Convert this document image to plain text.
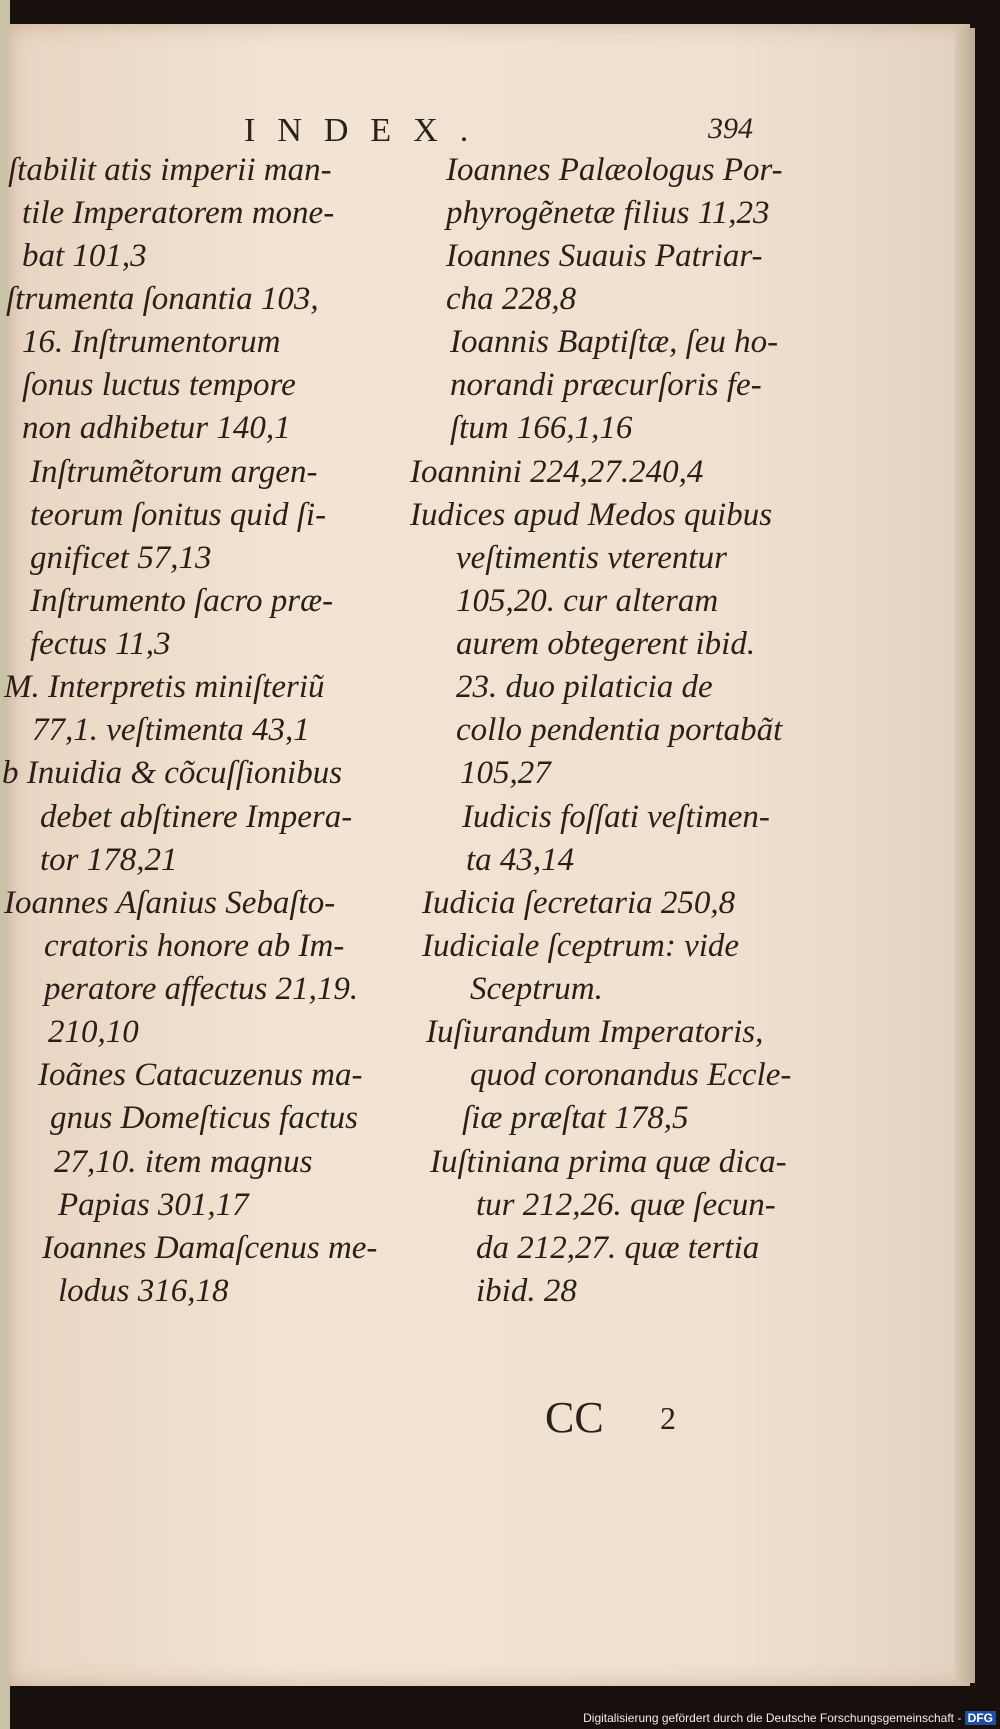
INDEX.	394
ſtabilit atis imperii man-
tile Imperatorem mone-
bat 101,3
ſtrumenta ſonantia 103,
16. Inſtrumentorum
ſonus luctus tempore
non adhibetur 140,1
Inſtrumẽtorum argen-
teorum ſonitus quid ſi-
gnificet 57,13
Inſtrumento ſacro præ-
fectus 11,3
M. Interpretis miniſteriũ
77,1. veſtimenta 43,1
b Inuidia & cõcuſſionibus
debet abſtinere Impera-
tor 178,21
Ioannes Aſanius Sebaſto-
cratoris honore ab Im-
peratore affectus 21,19.
210,10
Ioãnes Catacuzenus ma-
gnus Domeſticus factus
27,10. item magnus
Papias 301,17
Ioannes Damaſcenus me-
lodus 316,18
Ioannes Palæologus Por-
phyrogẽnetæ filius 11,23
Ioannes Suauis Patriar-
cha 228,8
Ioannis Baptiſtæ, ſeu ho-
norandi præcurſoris fe-
ſtum 166,1,16
Ioannini 224,27.240,4
Iudices apud Medos quibus
veſtimentis vterentur
105,20. cur alteram
aurem obtegerent ibid.
23. duo pilaticia de
collo pendentia portabãt
105,27
Iudicis foſſati veſtimen-
ta 43,14
Iudicia ſecretaria 250,8
Iudiciale ſceptrum: vide
Sceptrum.
Iuſiurandum Imperatoris,
quod coronandus Eccle-
ſiæ præſtat 178,5
Iuſtiniana prima quæ dica-
tur 212,26. quæ ſecun-
da 212,27. quæ tertia
ibid. 28
CC 2
Digitalisierung gefördert durch die Deutsche Forschungsgemeinschaft - DFG
